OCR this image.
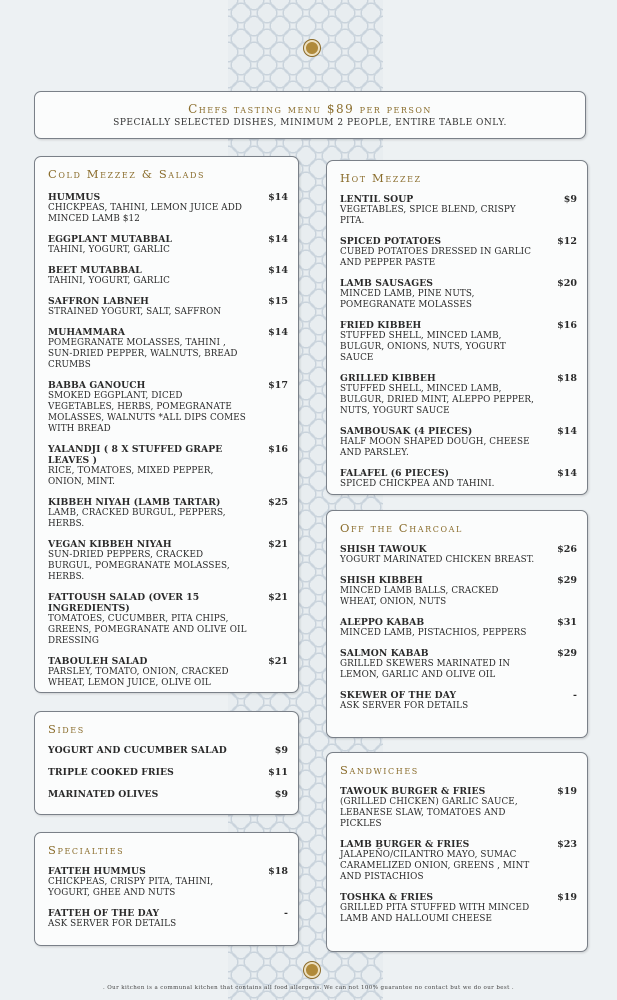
Chefs tasting menu $89 per person
SPECIALLY SELECTED DISHES, MINIMUM 2 PEOPLE, ENTIRE TABLE ONLY.
Cold Mezzez & Salads
HUMMUS
CHICKPEAS, TAHINI, LEMON JUICE ADD MINCED LAMB $12
$14
EGGPLANT MUTABBAL
TAHINI, YOGURT, GARLIC
$14
BEET MUTABBAL
TAHINI, YOGURT, GARLIC
$14
SAFFRON LABNEH
STRAINED YOGURT, SALT, SAFFRON
$15
MUHAMMARA
POMEGRANATE MOLASSES, TAHINI , SUN-DRIED PEPPER, WALNUTS, BREAD CRUMBS
$14
BABBA GANOUCH
SMOKED EGGPLANT, DICED VEGETABLES, HERBS, POMEGRANATE MOLASSES, WALNUTS *ALL DIPS COMES WITH BREAD
$17
YALANDJI ( 8 X STUFFED GRAPE LEAVES )
RICE, TOMATOES, MIXED PEPPER, ONION, MINT.
$16
KIBBEH NIYAH (LAMB TARTAR)
LAMB, CRACKED BURGUL, PEPPERS, HERBS.
$25
VEGAN KIBBEH NIYAH
SUN-DRIED PEPPERS, CRACKED BURGUL, POMEGRANATE MOLASSES, HERBS.
$21
FATTOUSH SALAD (OVER 15 INGREDIENTS)
TOMATOES, CUCUMBER, PITA CHIPS, GREENS, POMEGRANATE AND OLIVE OIL DRESSING
$21
TABOULEH SALAD
PARSLEY, TOMATO, ONION, CRACKED WHEAT, LEMON JUICE, OLIVE OIL
$21
Sides
YOGURT AND CUCUMBER SALAD	$9
TRIPLE COOKED FRIES	$11
MARINATED OLIVES	$9
Specialties
FATTEH HUMMUS
CHICKPEAS, CRISPY PITA, TAHINI, YOGURT, GHEE AND NUTS
$18
FATTEH OF THE DAY
ASK SERVER FOR DETAILS
-
Hot Mezzez
LENTIL SOUP
VEGETABLES, SPICE BLEND, CRISPY PITA.
$9
SPICED POTATOES
CUBED POTATOES DRESSED IN GARLIC AND PEPPER PASTE
$12
LAMB SAUSAGES
MINCED LAMB, PINE NUTS, POMEGRANATE MOLASSES
$20
FRIED KIBBEH
STUFFED SHELL, MINCED LAMB, BULGUR, ONIONS, NUTS, YOGURT SAUCE
$16
GRILLED KIBBEH
STUFFED SHELL, MINCED LAMB, BULGUR, DRIED MINT, ALEPPO PEPPER, NUTS, YOGURT SAUCE
$18
SAMBOUSAK (4 PIECES)
HALF MOON SHAPED DOUGH, CHEESE AND PARSLEY.
$14
FALAFEL (6 PIECES)
SPICED CHICKPEA AND TAHINI.
$14
Off the Charcoal
SHISH TAWOUK
YOGURT MARINATED CHICKEN BREAST.
$26
SHISH KIBBEH
MINCED LAMB BALLS, CRACKED WHEAT, ONION, NUTS
$29
ALEPPO KABAB
MINCED LAMB, PISTACHIOS, PEPPERS
$31
SALMON KABAB
GRILLED SKEWERS MARINATED IN LEMON, GARLIC AND OLIVE OIL
$29
SKEWER OF THE DAY
ASK SERVER FOR DETAILS
-
Sandwiches
TAWOUK BURGER & FRIES
(GRILLED CHICKEN) GARLIC SAUCE, LEBANESE SLAW, TOMATOES AND PICKLES
$19
LAMB BURGER & FRIES
JALAPEÑO/CILANTRO MAYO, SUMAC CARAMELIZED ONION, GREENS , MINT AND PISTACHIOS
$23
TOSHKA & FRIES
GRILLED PITA STUFFED WITH MINCED LAMB AND HALLOUMI CHEESE
$19
. Our kitchen is a communal kitchen that contains all food allergens. We can not 100% guarantee no contact but we do our best .
